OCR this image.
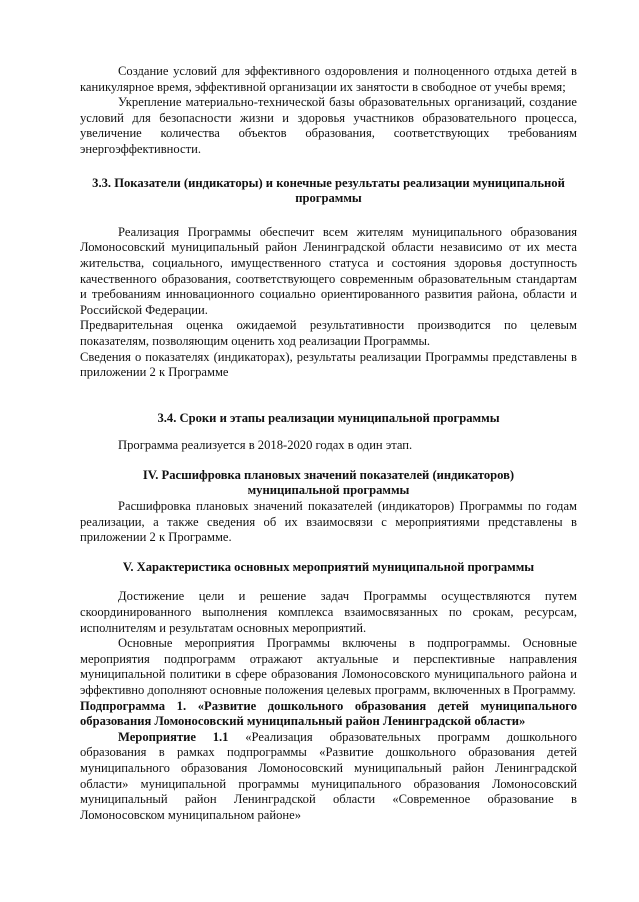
Создание условий для эффективного оздоровления и полноценного отдыха детей в каникулярное время, эффективной организации их занятости в свободное от учебы время;

Укрепление материально-технической базы образовательных организаций, создание условий для безопасности жизни и здоровья участников образовательного процесса, увеличение количества объектов образования, соответствующих требованиям энергоэффективности.

3.3. Показатели (индикаторы) и конечные результаты реализации муниципальной программы

Реализация Программы обеспечит всем жителям муниципального образования Ломоносовский муниципальный район Ленинградской области независимо от их места жительства, социального, имущественного статуса и состояния здоровья доступность качественного образования, соответствующего современным образовательным стандартам и требованиям инновационного социально ориентированного развития района, области и Российской Федерации.

Предварительная оценка ожидаемой результативности производится по целевым показателям, позволяющим оценить ход реализации Программы.

Сведения о показателях (индикаторах), результаты реализации Программы представлены в приложении 2 к Программе

3.4. Сроки и этапы реализации муниципальной программы

Программа реализуется в 2018-2020 годах в один этап.

IV. Расшифровка плановых значений показателей (индикаторов)

муниципальной программы

Расшифровка плановых значений показателей (индикаторов) Программы по годам реализации, а также сведения об их взаимосвязи с мероприятиями представлены в приложении 2 к Программе.

V. Характеристика основных мероприятий муниципальной программы

Достижение цели и решение задач Программы осуществляются путем скоординированного выполнения комплекса взаимосвязанных по срокам, ресурсам, исполнителям и результатам основных мероприятий.

Основные мероприятия Программы включены в подпрограммы. Основные мероприятия подпрограмм отражают актуальные и перспективные направления муниципальной политики в сфере образования Ломоносовского муниципального района и эффективно дополняют основные положения целевых программ, включенных в Программу.

Подпрограмма 1. «Развитие дошкольного образования детей муниципального образования Ломоносовский муниципальный район Ленинградской области»

Мероприятие 1.1 «Реализация образовательных программ дошкольного образования в рамках подпрограммы «Развитие дошкольного образования детей муниципального образования Ломоносовский муниципальный район Ленинградской области» муниципальной программы муниципального образования Ломоносовский муниципальный район Ленинградской области «Современное образование в Ломоносовском муниципальном районе»
